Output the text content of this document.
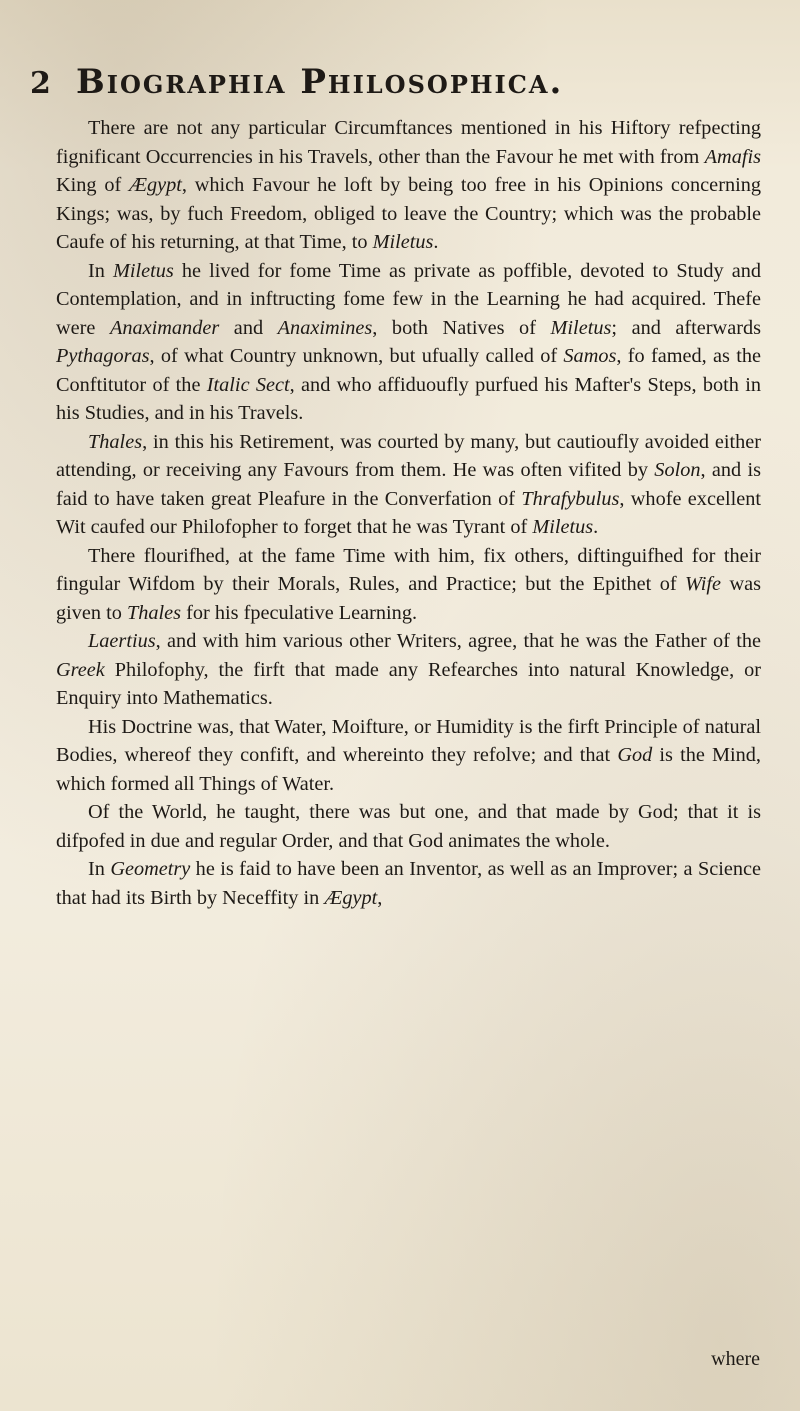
2 Biographia Philosophica.

There are not any particular Circumftances mentioned in his Hiftory refpecting fignificant Occurrencies in his Travels, other than the Favour he met with from Amafis King of Ægypt, which Favour he loft by being too free in his Opinions concerning Kings; was, by fuch Freedom, obliged to leave the Country; which was the probable Caufe of his returning, at that Time, to Miletus.

In Miletus he lived for fome Time as private as poffible, devoted to Study and Contemplation, and in inftructing fome few in the Learning he had acquired. Thefe were Anaximander and Anaximines, both Natives of Miletus; and afterwards Pythagoras, of what Country unknown, but ufually called of Samos, fo famed, as the Conftitutor of the Italic Sect, and who affiduoufly purfued his Mafter's Steps, both in his Studies, and in his Travels.

Thales, in this his Retirement, was courted by many, but cautioufly avoided either attending, or receiving any Favours from them. He was often vifited by Solon, and is faid to have taken great Pleafure in the Converfation of Thrafybulus, whofe excellent Wit caufed our Philofopher to forget that he was Tyrant of Miletus.

There flourifhed, at the fame Time with him, fix others, diftinguifhed for their fingular Wifdom by their Morals, Rules, and Practice; but the Epithet of Wife was given to Thales for his fpeculative Learning.

Laertius, and with him various other Writers, agree, that he was the Father of the Greek Philofophy, the firft that made any Refearches into natural Knowledge, or Enquiry into Mathematics.

His Doctrine was, that Water, Moifture, or Humidity is the firft Principle of natural Bodies, whereof they confift, and whereinto they refolve; and that God is the Mind, which formed all Things of Water.

Of the World, he taught, there was but one, and that made by God; that it is difpofed in due and regular Order, and that God animates the whole.

In Geometry he is faid to have been an Inventor, as well as an Improver; a Science that had its Birth by Neceffity in Ægypt,

where
